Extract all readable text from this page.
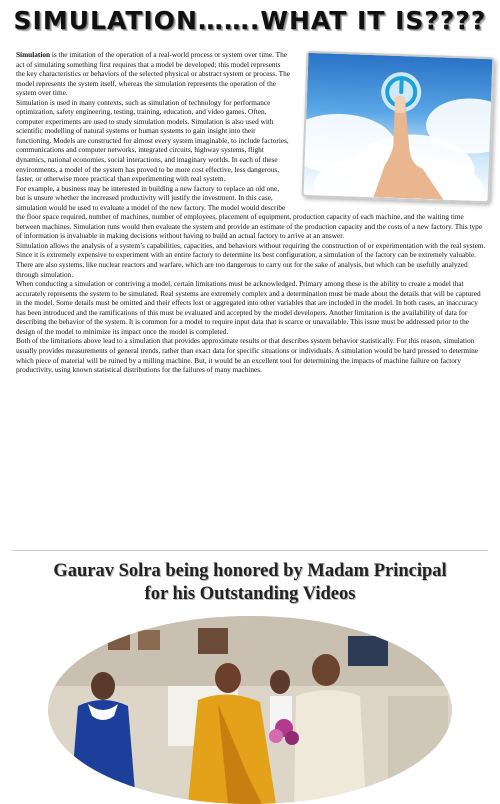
SIMULATION…….WHAT IT IS????

Simulation is the imitation of the operation of a real-world process or system over time. The act of simulating something first requires that a model be developed; this model represents the key characteristics or behaviors of the selected physical or abstract system or process. The model represents the system itself, whereas the simulation represents the operation of the system over time.

Simulation is used in many contexts, such as simulation of technology for performance optimization, safety engineering, testing, training, education, and video games. Often, computer experiments are used to study simulation models. Simulation is also used with scientific modelling of natural systems or human systems to gain insight into their functioning. Models are constructed for almost every system imaginable, to include factories, communications and computer networks, integrated circuits, highway systems, flight dynamics, national economies, social interactions, and imaginary worlds. In each of these environments, a model of the system has proved to be more cost effective, less dangerous, faster, or otherwise more practical than experimenting with real system.

For example, a business may be interested in building a new factory to replace an old one, but is unsure whether the increased productivity will justify the investment. In this case, simulation would be used to evaluate a model of the new factory. The model would describe the floor space required, number of machines, number of employees, placement of equipment, production capacity of each machine, and the waiting time between machines. Simulation runs would then evaluate the system and provide an estimate of the production capacity and the costs of a new factory. This type of information is invaluable in making decisions without having to build an actual factory to arrive at an answer.

Simulation allows the analysis of a system’s capabilities, capacities, and behaviors without requiring the construction of or experimentation with the real system. Since it is extremely expensive to experiment with an entire factory to determine its best configuration, a simulation of the factory can be extremely valuable. There are also systems, like nuclear reactors and warfare, which are too dangerous to carry out for the sake of analysis, but which can be usefully analyzed through simulation.

When conducting a simulation or contriving a model, certain limitations must be acknowledged. Primary among these is the ability to create a model that accurately represents the system to be simulated. Real systems are extremely complex and a determination must be made about the details that will be captured in the model. Some details must be omitted and their effects lost or aggregated into other variables that are included in the model. In both cases, an inaccuracy has been introduced and the ramifications of this must be evaluated and accepted by the model developers. Another limitation is the availability of data for describing the behavior of the system. It is common for a model to require input data that is scarce or unavailable. This issue must be addressed prior to the design of the model to minimize its impact once the model is completed.

Both of the limitations above lead to a simulation that provides approximate results or that describes system behavior statistically. For this reason, simulation usually provides measurements of general trends, rather than exact data for specific situations or individuals. A simulation would be hard pressed to determine which piece of material will be ruined by a milling machine. But, it would be an excellent tool for determining the impacts of machine failure on factory productivity, using known statistical distributions for the failures of many machines.

Gaurav Solra being honored by Madam Principal
for his Outstanding Videos
